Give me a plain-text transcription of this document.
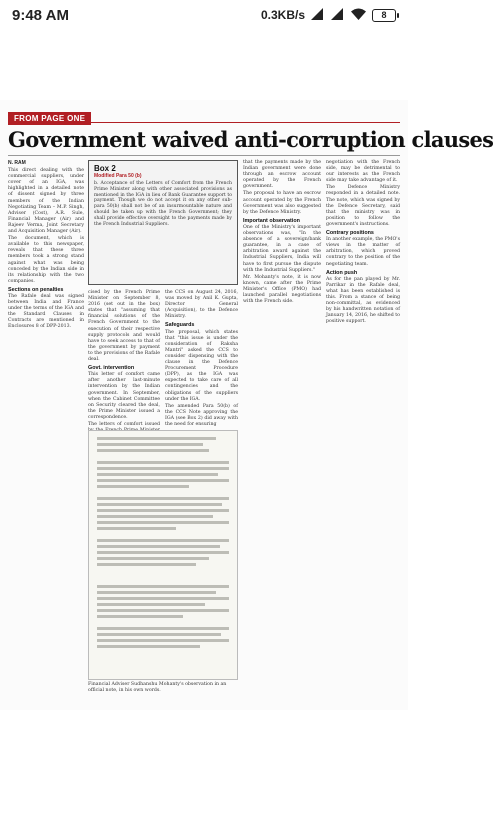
9:48 AM	0.3KB/s	8
FROM PAGE ONE
Government waived anti-corruption clauses
N. RAM

This direct dealing with the commercial suppliers, under cover of an IGA, was highlighted in a detailed note of dissent signed by three members of the Indian Negotiating Team – M.P. Singh, Adviser (Cost), A.R. Sule, Financial Manager (Air) and Rajeev Verma, Joint Secretary and Acquisition Manager (Air).

The document, which is available to this newspaper, reveals that these three members took a strong stand against what was being conceded by the Indian side in its relationship with the two companies.

Sections on penalties

The Rafale deal was signed between India and France under the terms of the IGA and the Standard Clauses in Contracts are mentioned in Enclosures 8 of DPP-2013.

Box 2
Modified Para 50 (b)
b. Acceptance of the Letters of Comfort from the French Prime Minister along with other associated provisions as mentioned in the IGA in lieu of Bank Guarantee support to payment. Though we do not accept it on any other sub-para 50(b) shall not be of an insurmountable nature and should be taken up with the French Government; they shall provide effective oversight to the payments made by the French Industrial Suppliers.

cised by the French Prime Minister on September 8, 2016 (set out in the box) states that "assuming that financial solutions of the French Government to the execution of their respective supply protocols and would have to seek access to that of the government by payment to the provisions of the Rafale deal.

Govt. intervention

This letter of comfort came after another last-minute intervention by the Indian government. In September, when the Cabinet Committee on Security cleared the deal, the Prime Minister issued a correspondence.

The letters of comfort issued

the CCS on August 24, 2016, was moved by Anil K. Gupta, Director General (Acquisition), to the Defence Ministry.

Safeguards

The proposal, which states that "this issue is under the consideration of Raksha Mantri" asked the CCS to consider dispensing with the clause in the Defence Procurement Procedure (DPP), as the IGA was expected to take care of all contingencies and the obligations of the suppliers under the IGA.

The amended Para 50(b) of the CCS Note approving the IGA (see Box 2) did away with the need for ensuring

Financial Adviser Sudhanshu Mohanty's observation in an official note, in his own words.

that the payments made by the Indian government were done through an escrow account operated by the French government.

The proposal to have an escrow account operated by the French Government was also suggested by the Defence Ministry.

Important observation

One of the Ministry's important observations was, "In the absence of a sovereign/bank guarantee, in a case of arbitration award against the Industrial Suppliers, India will have to first pursue the dispute with the Industrial Suppliers."

Mr. Mohanty's note, it is now known, came after the Prime Minister's Office (PMO) had launched parallel negotiations with the French side.

negotiation with the French side, may be detrimental to our interests as the French side may take advantage of it.

The Defence Ministry responded in a detailed note. The note, which was signed by the Defence Secretary, said that the ministry was in position to follow the government's instructions.

Contrary positions

In another example, the PMO's views in the matter of arbitration, which proved contrary to the position of the negotiating team.

Action push

As for the pan played by Mr. Parrikar in the Rafale deal, what has been established is this. From a stance of being non-committal, as evidenced by his handwritten notation of January 14, 2016, he shifted to positive support.
